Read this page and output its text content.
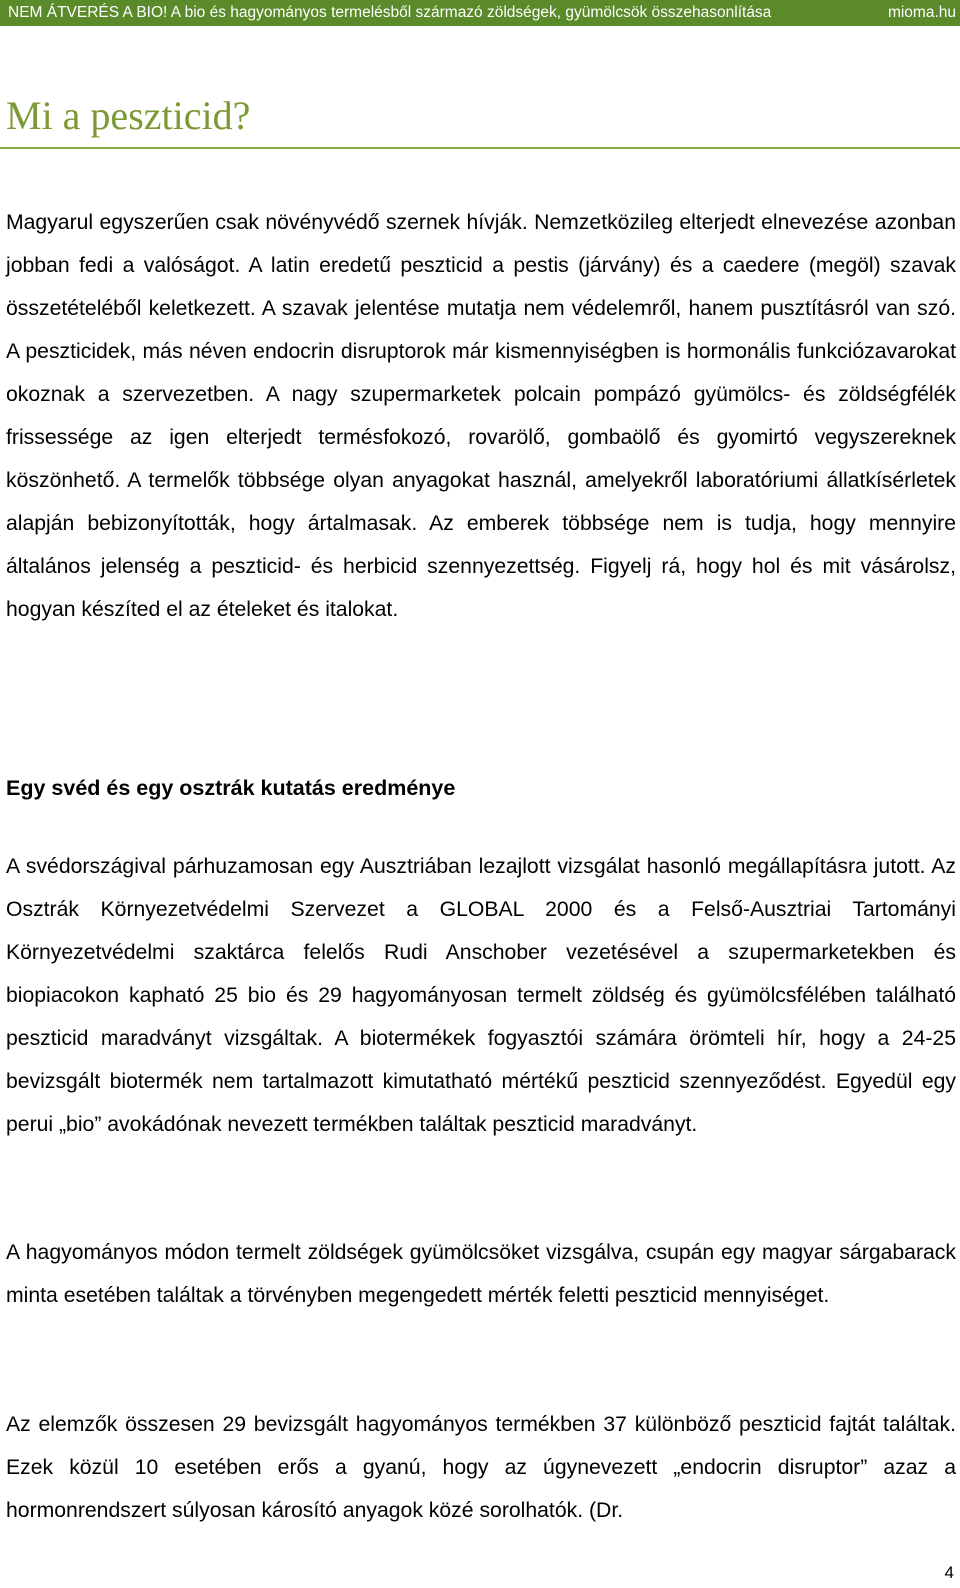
NEM ÁTVERÉS A BIO! A bio és hagyományos termelésből származó zöldségek, gyümölcsök összehasonlítása	mioma.hu
Mi a peszticid?

Magyarul egyszerűen csak növényvédő szernek hívják. Nemzetközileg elterjedt elnevezése azonban jobban fedi a valóságot. A latin eredetű peszticid a pestis (járvány) és a caedere (megöl) szavak összetételéből keletkezett. A szavak jelentése mutatja nem védelemről, hanem pusztításról van szó. A peszticidek, más néven endocrin disruptorok már kismennyiségben is hormonális funkciózavarokat okoznak a szervezetben. A nagy szupermarketek polcain pompázó gyümölcs- és zöldségfélék frissessége az igen elterjedt termésfokozó, rovarölő, gombaölő és gyomirtó vegyszereknek köszönhető. A termelők többsége olyan anyagokat használ, amelyekről laboratóriumi állatkísérletek alapján bebizonyították, hogy ártalmasak. Az emberek többsége nem is tudja, hogy mennyire általános jelenség a peszticid- és herbicid szennyezettség. Figyelj rá, hogy hol és mit vásárolsz, hogyan készíted el az ételeket és italokat.

Egy svéd és egy osztrák kutatás eredménye

A svédországival párhuzamosan egy Ausztriában lezajlott vizsgálat hasonló megállapításra jutott. Az Osztrák Környezetvédelmi Szervezet a GLOBAL 2000 és a Felső-Ausztriai Tartományi Környezetvédelmi szaktárca felelős Rudi Anschober vezetésével a szupermarketekben és biopiacokon kapható 25 bio és 29 hagyományosan termelt zöldség és gyümölcsfélében található peszticid maradványt vizsgáltak. A biotermékek fogyasztói számára örömteli hír, hogy a 24-25 bevizsgált biotermék nem tartalmazott kimutatható mértékű peszticid szennyeződést. Egyedül egy perui „bio” avokádónak nevezett termékben találtak peszticid maradványt.

A hagyományos módon termelt zöldségek gyümölcsöket vizsgálva, csupán egy magyar sárgabarack minta esetében találtak a törvényben megengedett mérték feletti peszticid mennyiséget.

Az elemzők összesen 29 bevizsgált hagyományos termékben 37 különböző peszticid fajtát találtak. Ezek közül 10 esetében erős a gyanú, hogy az úgynevezett „endocrin disruptor” azaz a hormonrendszert súlyosan károsító anyagok közé sorolhatók. (Dr.

4
